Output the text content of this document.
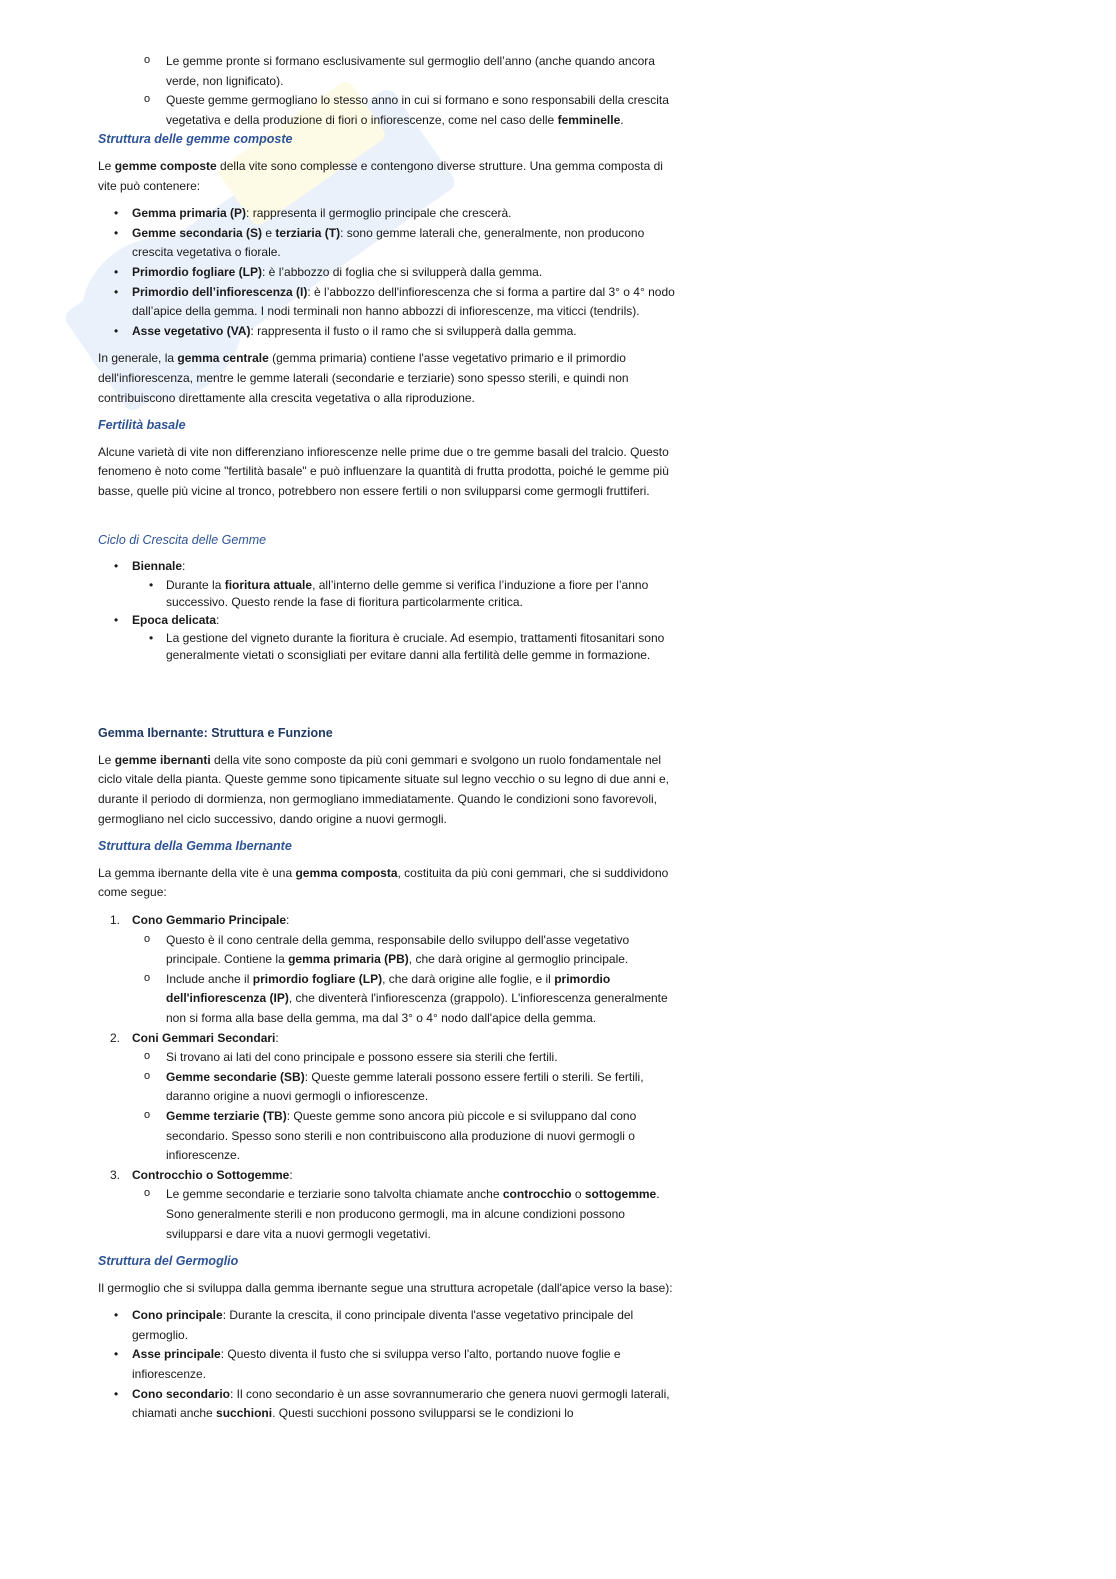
o Le gemme pronte si formano esclusivamente sul germoglio dell’anno (anche quando ancora verde, non lignificato).
o Queste gemme germogliano lo stesso anno in cui si formano e sono responsabili della crescita vegetativa e della produzione di fiori o infiorescenze, come nel caso delle femminelle.
Struttura delle gemme composte

Le gemme composte della vite sono complesse e contengono diverse strutture. Una gemma composta di vite può contenere:

• Gemma primaria (P): rappresenta il germoglio principale che crescerà.
• Gemme secondaria (S) e terziaria (T): sono gemme laterali che, generalmente, non producono crescita vegetativa o fiorale.
• Primordio fogliare (LP): è l’abbozzo di foglia che si svilupperà dalla gemma.
• Primordio dell’infiorescenza (I): è l’abbozzo dell'infiorescenza che si forma a partire dal 3° o 4° nodo dall’apice della gemma. I nodi terminali non hanno abbozzi di infiorescenze, ma viticci (tendrils).
• Asse vegetativo (VA): rappresenta il fusto o il ramo che si svilupperà dalla gemma.

In generale, la gemma centrale (gemma primaria) contiene l'asse vegetativo primario e il primordio dell'infiorescenza, mentre le gemme laterali (secondarie e terziarie) sono spesso sterili, e quindi non contribuiscono direttamente alla crescita vegetativa o alla riproduzione.

Fertilità basale

Alcune varietà di vite non differenziano infiorescenze nelle prime due o tre gemme basali del tralcio. Questo fenomeno è noto come "fertilità basale" e può influenzare la quantità di frutta prodotta, poiché le gemme più basse, quelle più vicine al tronco, potrebbero non essere fertili o non svilupparsi come germogli fruttiferi.

Ciclo di Crescita delle Gemme
• Biennale:
• Durante la fioritura attuale, all’interno delle gemme si verifica l’induzione a fiore per l’anno successivo. Questo rende la fase di fioritura particolarmente critica.
• Epoca delicata:
• La gestione del vigneto durante la fioritura è cruciale. Ad esempio, trattamenti fitosanitari sono generalmente vietati o sconsigliati per evitare danni alla fertilità delle gemme in formazione.
Gemma Ibernante: Struttura e Funzione

Le gemme ibernanti della vite sono composte da più coni gemmari e svolgono un ruolo fondamentale nel ciclo vitale della pianta. Queste gemme sono tipicamente situate sul legno vecchio o su legno di due anni e, durante il periodo di dormienza, non germogliano immediatamente. Quando le condizioni sono favorevoli, germogliano nel ciclo successivo, dando origine a nuovi germogli.

Struttura della Gemma Ibernante

La gemma ibernante della vite è una gemma composta, costituita da più coni gemmari, che si suddividono come segue:

1. Cono Gemmario Principale:
o Questo è il cono centrale della gemma, responsabile dello sviluppo dell'asse vegetativo principale. Contiene la gemma primaria (PB), che darà origine al germoglio principale.
o Include anche il primordio fogliare (LP), che darà origine alle foglie, e il primordio dell'infiorescenza (IP), che diventerà l'infiorescenza (grappolo). L'infiorescenza generalmente non si forma alla base della gemma, ma dal 3° o 4° nodo dall'apice della gemma.
2. Coni Gemmari Secondari:
o Si trovano ai lati del cono principale e possono essere sia sterili che fertili.
o Gemme secondarie (SB): Queste gemme laterali possono essere fertili o sterili. Se fertili, daranno origine a nuovi germogli o infiorescenze.
o Gemme terziarie (TB): Queste gemme sono ancora più piccole e si sviluppano dal cono secondario. Spesso sono sterili e non contribuiscono alla produzione di nuovi germogli o infiorescenze.
3. Controcchio o Sottogemme:
o Le gemme secondarie e terziarie sono talvolta chiamate anche controcchio o sottogemme. Sono generalmente sterili e non producono germogli, ma in alcune condizioni possono svilupparsi e dare vita a nuovi germogli vegetativi.
Struttura del Germoglio

Il germoglio che si sviluppa dalla gemma ibernante segue una struttura acropetale (dall'apice verso la base):

• Cono principale: Durante la crescita, il cono principale diventa l'asse vegetativo principale del germoglio.
• Asse principale: Questo diventa il fusto che si sviluppa verso l'alto, portando nuove foglie e infiorescenze.
• Cono secondario: Il cono secondario è un asse sovrannumerario che genera nuovi germogli laterali, chiamati anche succhioni. Questi succhioni possono svilupparsi se le condizioni lo
